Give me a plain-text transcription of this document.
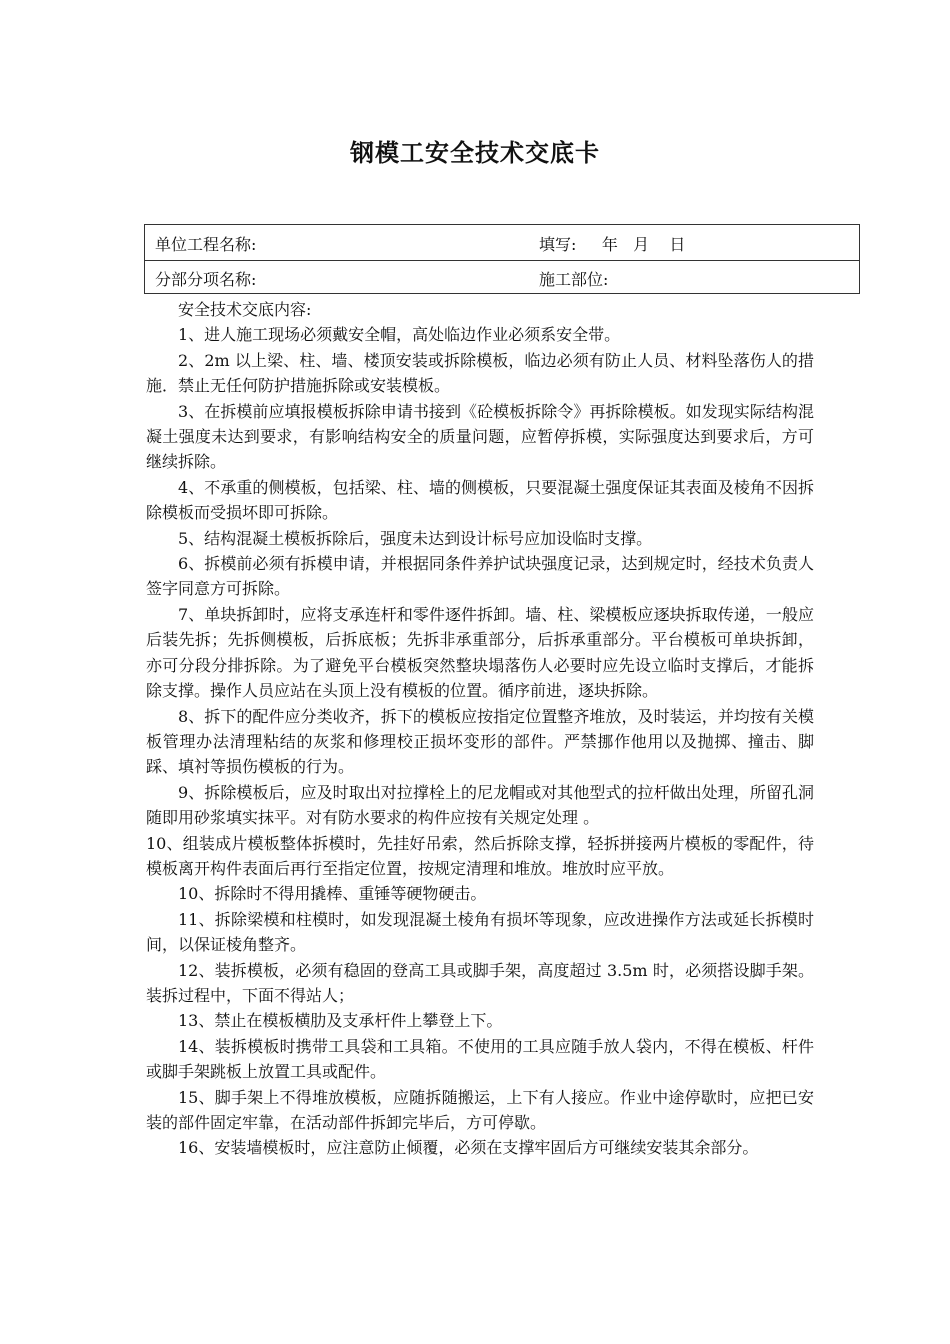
钢模工安全技术交底卡
单位工程名称:	填写:     年   月    日
分部分项名称:	施工部位:

安全技术交底内容:

1、进人施工现场必须戴安全帽，高处临边作业必须系安全带。

2、2m 以上梁、柱、墙、楼顶安装或拆除模板，临边必须有防止人员、材料坠落伤人的措施．禁止无任何防护措施拆除或安装模板。

3、在拆模前应填报模板拆除申请书接到《砼模板拆除令》再拆除模板。如发现实际结构混凝土强度未达到要求，有影响结构安全的质量问题，应暂停拆模，实际强度达到要求后，方可继续拆除。

4、不承重的侧模板，包括梁、柱、墙的侧模板，只要混凝土强度保证其表面及棱角不因拆除模板而受损坏即可拆除。

5、结构混凝土模板拆除后，强度未达到设计标号应加设临时支撑。

6、拆模前必须有拆模申请，并根据同条件养护试块强度记录，达到规定时，经技术负责人签字同意方可拆除。

7、单块拆卸时，应将支承连杆和零件逐件拆卸。墙、柱、梁模板应逐块拆取传递，一般应后装先拆；先拆侧模板，后拆底板；先拆非承重部分，后拆承重部分。平台模板可单块拆卸，亦可分段分排拆除。为了避免平台模板突然整块塌落伤人必要时应先设立临时支撑后，才能拆除支撑。操作人员应站在头顶上没有模板的位置。循序前进，逐块拆除。

8、拆下的配件应分类收齐，拆下的模板应按指定位置整齐堆放，及时装运，并均按有关模板管理办法清理粘结的灰浆和修理校正损坏变形的部件。严禁挪作他用以及抛掷、撞击、脚踩、填衬等损伤模板的行为。

9、拆除模板后，应及时取出对拉撑栓上的尼龙帽或对其他型式的拉杆做出处理，所留孔洞随即用砂浆填实抹平。对有防水要求的构件应按有关规定处理 。

10、组装成片模板整体拆模时，先挂好吊索，然后拆除支撑，轻拆拼接两片模板的零配件，待模板离开构件表面后再行至指定位置，按规定清理和堆放。堆放时应平放。

10、拆除时不得用撬棒、重锤等硬物硬击。

11、拆除梁模和柱模时，如发现混凝土棱角有损坏等现象，应改进操作方法或延长拆模时间，以保证棱角整齐。

12、装拆模板，必须有稳固的登高工具或脚手架，高度超过 3.5m 时，必须搭设脚手架。装拆过程中，下面不得站人；

13、禁止在模板横肋及支承杆件上攀登上下。

14、装拆模板时携带工具袋和工具箱。不使用的工具应随手放人袋内，不得在模板、杆件或脚手架跳板上放置工具或配件。

15、脚手架上不得堆放模板，应随拆随搬运，上下有人接应。作业中途停歇时，应把已安装的部件固定牢靠，在活动部件拆卸完毕后，方可停歇。

16、安装墙模板时，应注意防止倾覆，必须在支撑牢固后方可继续安装其余部分。
